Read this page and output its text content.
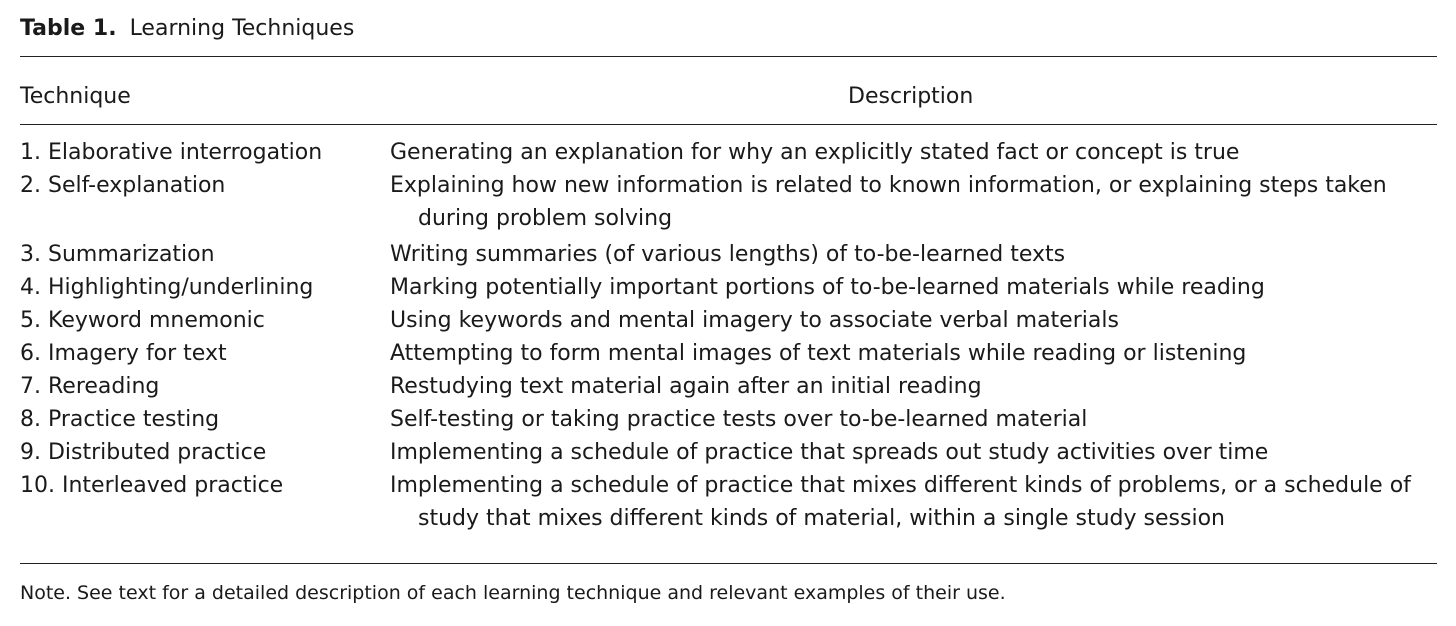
Table 1. Learning Techniques
Technique	Description
1. Elaborative interrogation	Generating an explanation for why an explicitly stated fact or concept is true

2. Self-explanation	Explaining how new information is related to known information, or explaining steps taken during problem solving

3. Summarization	Writing summaries (of various lengths) of to-be-learned texts

4. Highlighting/underlining	Marking potentially important portions of to-be-learned materials while reading

5. Keyword mnemonic	Using keywords and mental imagery to associate verbal materials

6. Imagery for text	Attempting to form mental images of text materials while reading or listening

7. Rereading	Restudying text material again after an initial reading

8. Practice testing	Self-testing or taking practice tests over to-be-learned material

9. Distributed practice	Implementing a schedule of practice that spreads out study activities over time

10. Interleaved practice	Implementing a schedule of practice that mixes different kinds of problems, or a schedule of study that mixes different kinds of material, within a single study session
Note. See text for a detailed description of each learning technique and relevant examples of their use.
